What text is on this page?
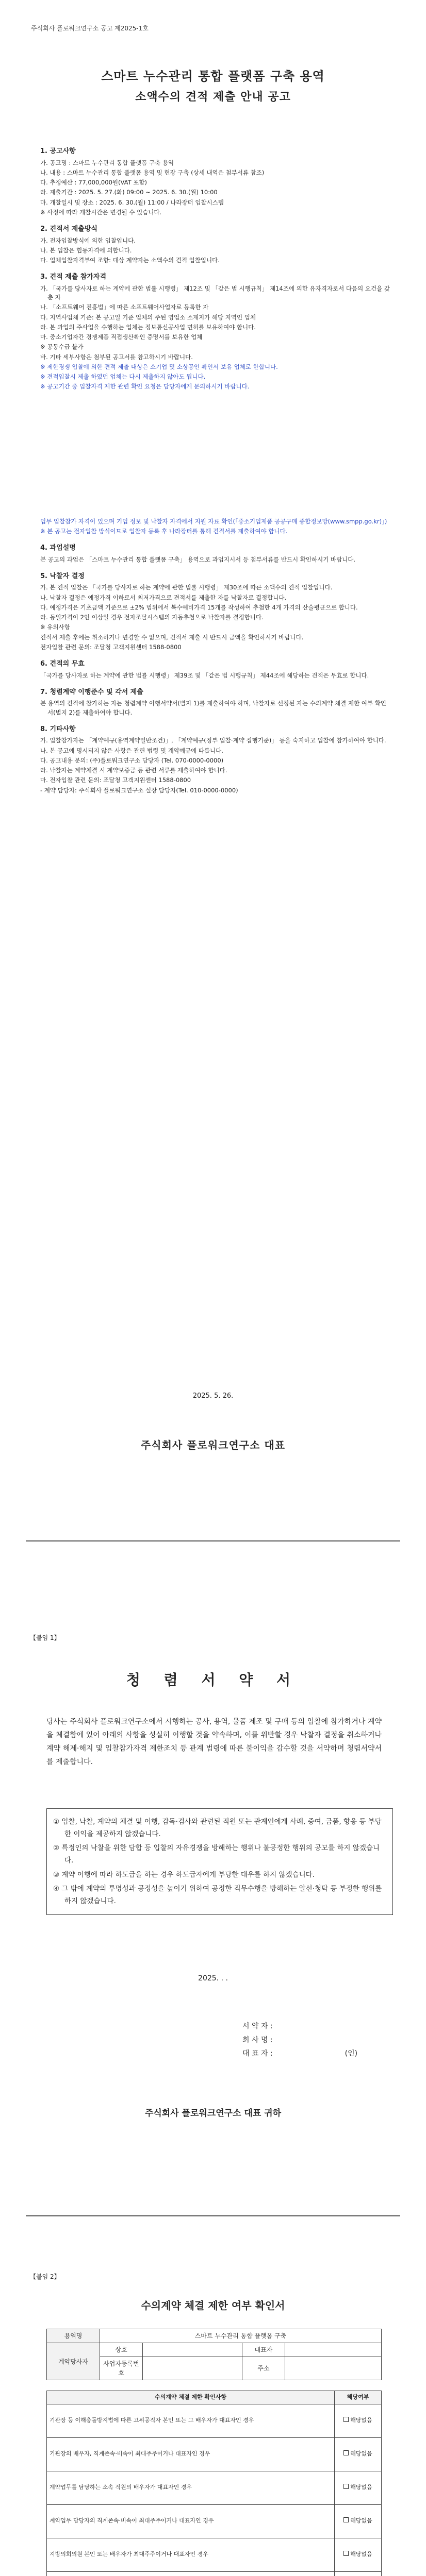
주식회사 플로워크연구소 공고 제2025-1호
스마트 누수관리 통합 플랫폼 구축 용역
소액수의 견적 제출 안내 공고
1. 공고사항
가. 공고명 : 스마트 누수관리 통합 플랫폼 구축 용역
나. 내용 : 스마트 누수관리 통합 플랫폼 용역 및 현장 구축 (상세 내역은 첨부서류 참조)
다. 추정예산 : 77,000,000원(VAT 포함)
라. 제출기간 : 2025. 5. 27.(화) 09:00 ~ 2025. 6. 30.(월) 10:00
마. 개찰일시 및 장소 : 2025. 6. 30.(월) 11:00 / 나라장터 입찰시스템
※ 사정에 따라 개찰시간은 변경될 수 있습니다.
2. 견적서 제출방식
가. 전자입찰방식에 의한 입찰입니다.
나. 본 입찰은 협동자격에 의합니다.
다. 업체입찰자격부여 조항: 대상 계약자는 소액수의 견적 입찰입니다.
3. 견적 제출 참가자격
가. 「국가를 당사자로 하는 계약에 관한 법률 시행령」 제12조 및 「같은 법 시행규칙」 제14조에 의한 유자격자로서 다음의 요건을 갖춘 자
나. 「소프트웨어 진흥법」에 따른 소프트웨어사업자로 등록한 자
다. 지역사업체 기준: 본 공고일 기준 업체의 주된 영업소 소재지가 해당 지역인 업체
라. 본 과업의 주사업을 수행하는 업체는 정보통신공사업 면허를 보유하여야 합니다.
마. 중소기업자간 경쟁제품 직접생산확인 증명서를 보유한 업체
※ 공동수급 불가
바. 기타 세부사항은 첨부된 공고서를 참고하시기 바랍니다.
※ 제한경쟁 입찰에 의한 견적 제출 대상은 소기업 및 소상공인 확인서 보유 업체로 한합니다.
※ 견적입찰시 제출 하였던 업체는 다시 제출하지 않아도 됩니다.
※ 공고기간 중 입찰자격 제한 관련 확인 요청은 담당자에게 문의하시기 바랍니다.
업무 입찰참가 자격이 있으며 기업 정보 및 낙찰자 자격에서 지원 자료 확인(「중소기업제품 공공구매 종합정보망(www.smpp.go.kr)」)
※ 본 공고는 전자입찰 방식이므로 입찰자 등록 후 나라장터를 통해 견적서를 제출하여야 합니다.
4. 과업설명
본 공고의 과업은 「스마트 누수관리 통합 플랫폼 구축」 용역으로 과업지시서 등 첨부서류를 반드시 확인하시기 바랍니다.
5. 낙찰자 결정
가. 본 견적 입찰은 「국가를 당사자로 하는 계약에 관한 법률 시행령」 제30조에 따른 소액수의 견적 입찰입니다.
나. 낙찰자 결정은 예정가격 이하로서 최저가격으로 견적서를 제출한 자를 낙찰자로 결정합니다.
다. 예정가격은 기초금액 기준으로 ±2% 범위에서 복수예비가격 15개를 작성하여 추첨한 4개 가격의 산술평균으로 합니다.
라. 동일가격이 2인 이상일 경우 전자조달시스템의 자동추첨으로 낙찰자를 결정합니다.
※ 유의사항
견적서 제출 후에는 취소하거나 변경할 수 없으며, 견적서 제출 시 반드시 금액을 확인하시기 바랍니다.
전자입찰 관련 문의: 조달청 고객지원센터 1588-0800
6. 견적의 무효
「국가를 당사자로 하는 계약에 관한 법률 시행령」 제39조 및 「같은 법 시행규칙」 제44조에 해당하는 견적은 무효로 합니다.
7. 청렴계약 이행준수 및 각서 제출
본 용역의 견적에 참가하는 자는 청렴계약 이행서약서(별지 1)를 제출하여야 하며, 낙찰자로 선정된 자는 수의계약 체결 제한 여부 확인서(별지 2)를 제출하여야 합니다.
8. 기타사항
가. 입찰참가자는 「계약예규(용역계약일반조건)」, 「계약예규(정부 입찰·계약 집행기준)」 등을 숙지하고 입찰에 참가하여야 합니다.
나. 본 공고에 명시되지 않은 사항은 관련 법령 및 계약예규에 따릅니다.
다. 공고내용 문의: (주)플로워크연구소 담당자 (Tel. 070-0000-0000)
라. 낙찰자는 계약체결 시 계약보증금 등 관련 서류를 제출하여야 합니다.
마. 전자입찰 관련 문의: 조달청 고객지원센터 1588-0800
- 계약 담당자: 주식회사 플로워크연구소 실장 담당자(Tel. 010-0000-0000)
2025. 5. 26.
주식회사 플로워크연구소 대표
【붙임 1】
청 렴 서 약 서
당사는 주식회사 플로워크연구소에서 시행하는 공사, 용역, 물품 제조 및 구매 등의 입찰에 참가하거나 계약을 체결함에 있어 아래의 사항을 성실히 이행할 것을 약속하며, 이를 위반할 경우 낙찰자 결정을 취소하거나 계약 해제·해지 및 입찰참가자격 제한조치 등 관계 법령에 따른 불이익을 감수할 것을 서약하며 청렴서약서를 제출합니다.
① 입찰, 낙찰, 계약의 체결 및 이행, 감독·검사와 관련된 직원 또는 관계인에게 사례, 증여, 금품, 향응 등 부당한 이익을 제공하지 않겠습니다.
② 특정인의 낙찰을 위한 담합 등 입찰의 자유경쟁을 방해하는 행위나 불공정한 행위의 공모를 하지 않겠습니다.
③ 계약 이행에 따라 하도급을 하는 경우 하도급자에게 부당한 대우를 하지 않겠습니다.
④ 그 밖에 계약의 투명성과 공정성을 높이기 위하여 공정한 직무수행을 방해하는 알선·청탁 등 부정한 행위를 하지 않겠습니다.
2025. . .
서 약 자 :
회 사 명 :
대 표 자 :	(인)
주식회사 플로워크연구소 대표 귀하
【붙임 2】
수의계약 체결 제한 여부 확인서
용역명	스마트 누수관리 통합 플랫폼 구축			
계약당사자	상호		대표자	
	사업자등록번호		주소	
수의계약 체결 제한 확인사항	해당여부
기관장 등 이해충돌방지법에 따른 고위공직자 본인 또는 그 배우자가 대표자인 경우	해당없음
기관장의 배우자, 직계존속·비속이 최대주주이거나 대표자인 경우	해당없음
계약업무를 담당하는 소속 직원의 배우자가 대표자인 경우	해당없음
계약업무 담당자의 직계존속·비속이 최대주주이거나 대표자인 경우	해당없음
지방의회의원 본인 또는 배우자가 최대주주이거나 대표자인 경우	해당없음
